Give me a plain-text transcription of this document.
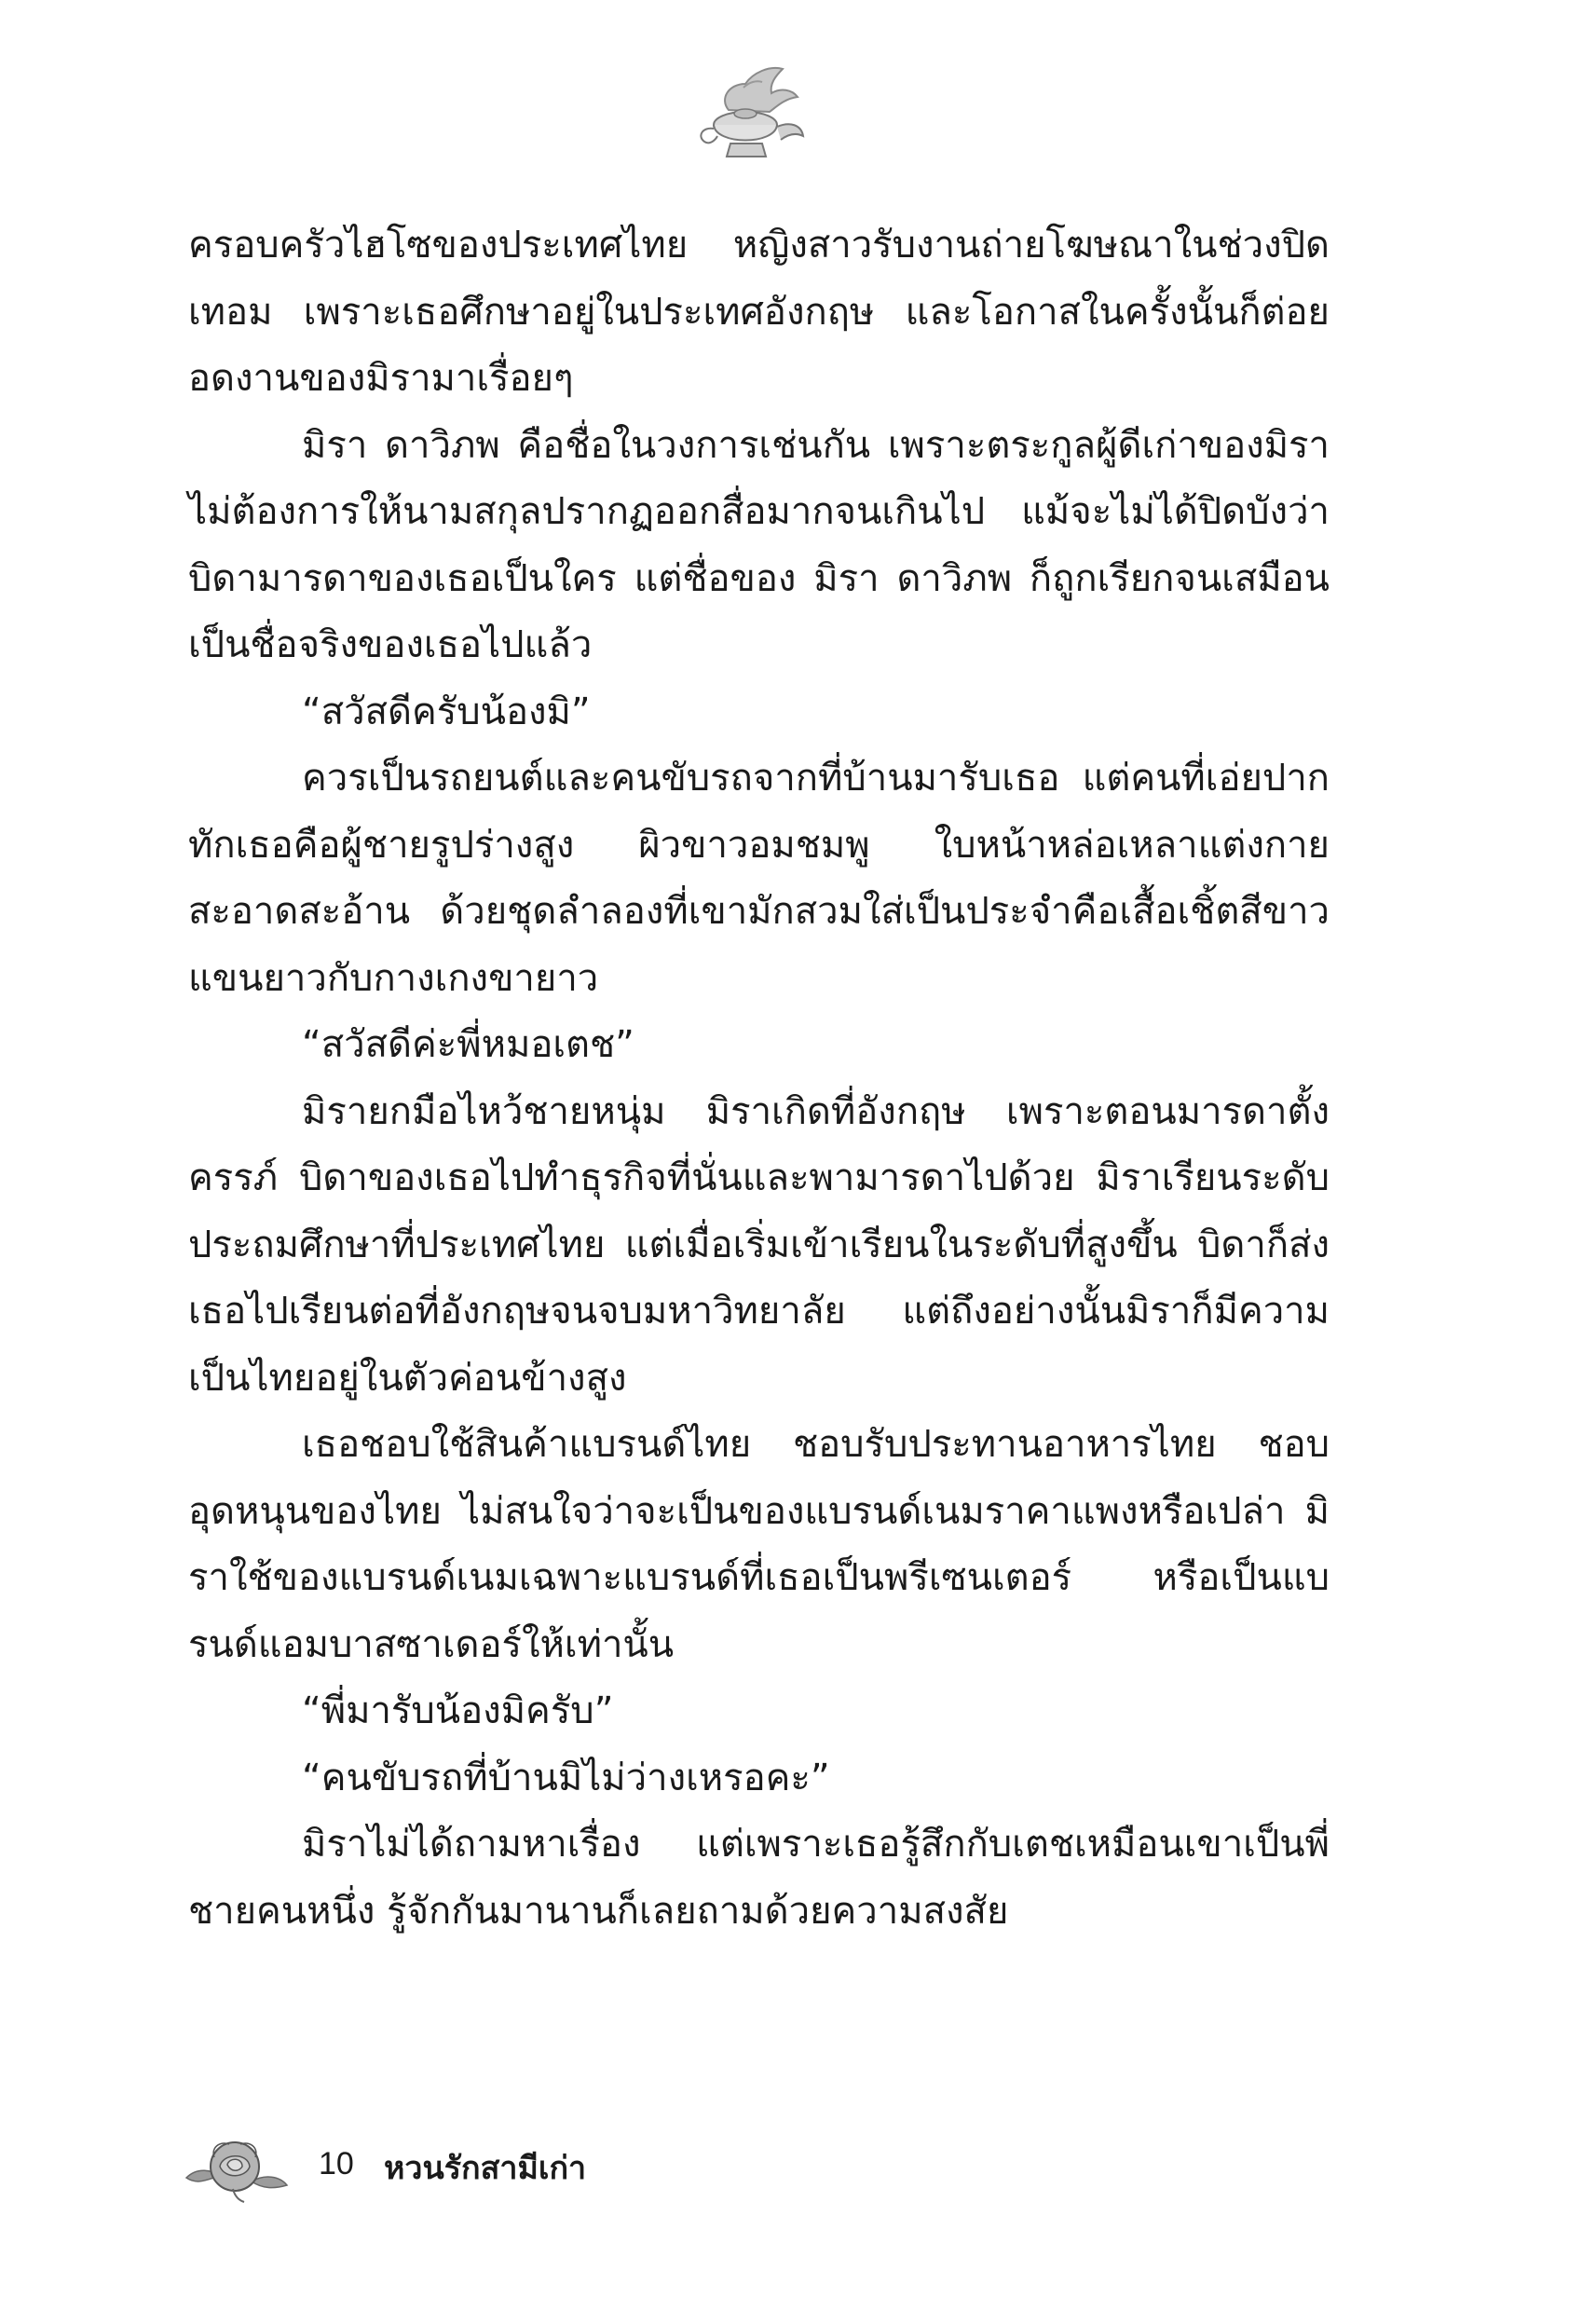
ครอบครัวไฮโซของประเทศไทย หญิงสาวรับงานถ่ายโฆษณาในช่วงปิดเทอม เพราะเธอศึกษาอยู่ในประเทศอังกฤษ และโอกาสในครั้งนั้นก็ต่อยอดงานของมิรามาเรื่อยๆ

มิรา ดาวิภพ คือชื่อในวงการเช่นกัน เพราะตระกูลผู้ดีเก่าของมิรา ไม่ต้องการให้นามสกุลปรากฏออกสื่อมากจนเกินไป แม้จะไม่ได้ปิดบังว่าบิดามารดาของเธอเป็นใคร แต่ชื่อของ มิรา ดาวิภพ ก็ถูกเรียกจนเสมือนเป็นชื่อจริงของเธอไปแล้ว

“สวัสดีครับน้องมิ”

ควรเป็นรถยนต์และคนขับรถจากที่บ้านมารับเธอ แต่คนที่เอ่ยปากทักเธอคือผู้ชายรูปร่างสูง ผิวขาวอมชมพู ใบหน้าหล่อเหลาแต่งกายสะอาดสะอ้าน ด้วยชุดลำลองที่เขามักสวมใส่เป็นประจำคือเสื้อเชิ้ตสีขาวแขนยาวกับกางเกงขายาว

“สวัสดีค่ะพี่หมอเตช”

มิรายกมือไหว้ชายหนุ่ม มิราเกิดที่อังกฤษ เพราะตอนมารดาตั้งครรภ์ บิดาของเธอไปทำธุรกิจที่นั่นและพามารดาไปด้วย มิราเรียนระดับประถมศึกษาที่ประเทศไทย แต่เมื่อเริ่มเข้าเรียนในระดับที่สูงขึ้น บิดาก็ส่งเธอไปเรียนต่อที่อังกฤษจนจบมหาวิทยาลัย แต่ถึงอย่างนั้นมิราก็มีความเป็นไทยอยู่ในตัวค่อนข้างสูง

เธอชอบใช้สินค้าแบรนด์ไทย ชอบรับประทานอาหารไทย ชอบอุดหนุนของไทย ไม่สนใจว่าจะเป็นของแบรนด์เนมราคาแพงหรือเปล่า มิราใช้ของแบรนด์เนมเฉพาะแบรนด์ที่เธอเป็นพรีเซนเตอร์ หรือเป็นแบรนด์แอมบาสซาเดอร์ให้เท่านั้น

“พี่มารับน้องมิครับ”

“คนขับรถที่บ้านมิไม่ว่างเหรอคะ”

มิราไม่ได้ถามหาเรื่อง แต่เพราะเธอรู้สึกกับเตชเหมือนเขาเป็นพี่ชายคนหนึ่ง รู้จักกันมานานก็เลยถามด้วยความสงสัย

10 หวนรักสามีเก่า
